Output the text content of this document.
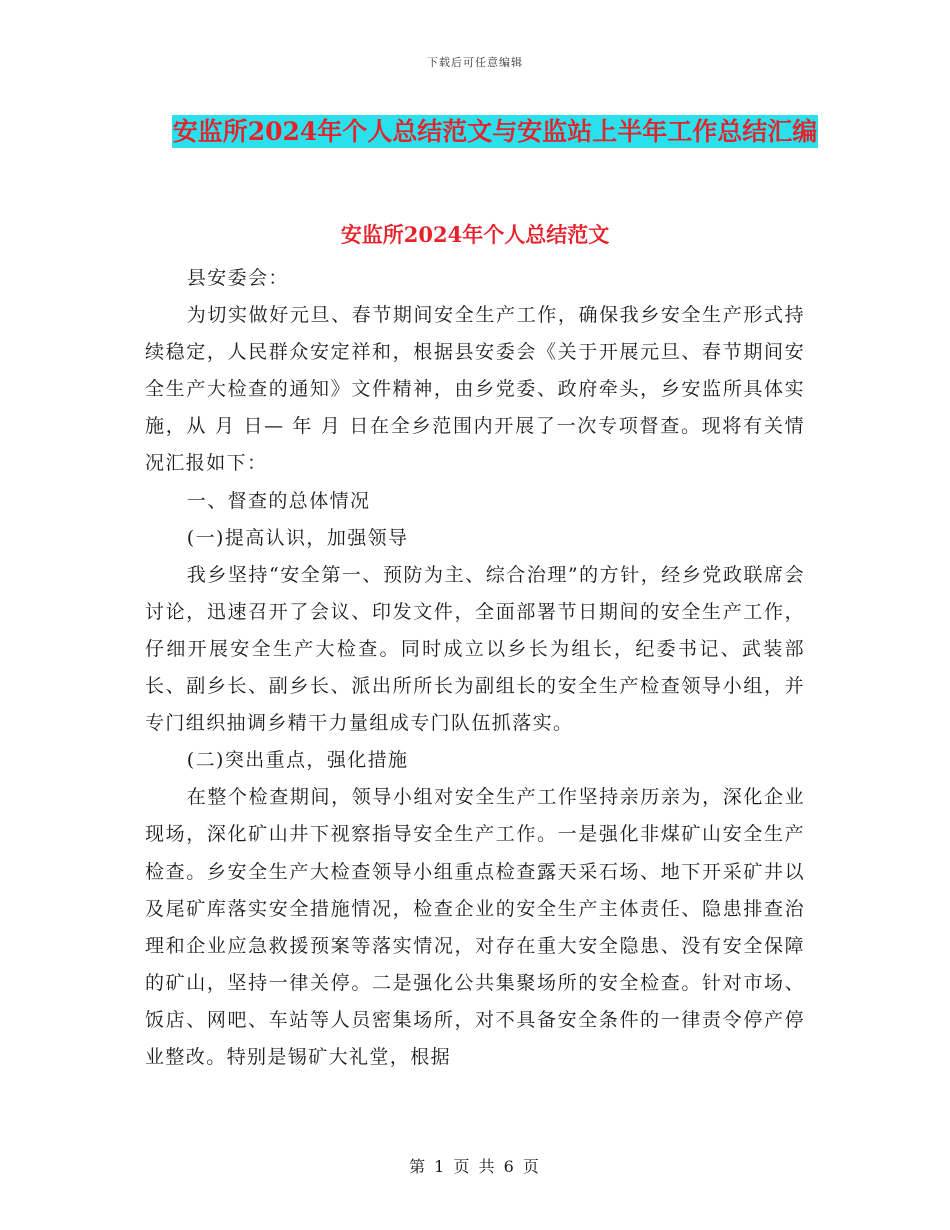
下载后可任意编辑
安监所2024年个人总结范文与安监站上半年工作总结汇编
安监所2024年个人总结范文

县安委会：

为切实做好元旦、春节期间安全生产工作，确保我乡安全生产形式持续稳定，人民群众安定祥和，根据县安委会《关于开展元旦、春节期间安全生产大检查的通知》文件精神，由乡党委、政府牵头，乡安监所具体实施，从 月 日— 年 月 日在全乡范围内开展了一次专项督查。现将有关情况汇报如下：

一、督查的总体情况

(一)提高认识，加强领导

我乡坚持“安全第一、预防为主、综合治理”的方针，经乡党政联席会讨论，迅速召开了会议、印发文件，全面部署节日期间的安全生产工作，仔细开展安全生产大检查。同时成立以乡长为组长，纪委书记、武装部长、副乡长、副乡长、派出所所长为副组长的安全生产检查领导小组，并专门组织抽调乡精干力量组成专门队伍抓落实。

(二)突出重点，强化措施

在整个检查期间，领导小组对安全生产工作坚持亲历亲为，深化企业现场，深化矿山井下视察指导安全生产工作。一是强化非煤矿山安全生产检查。乡安全生产大检查领导小组重点检查露天采石场、地下开采矿井以及尾矿库落实安全措施情况，检查企业的安全生产主体责任、隐患排查治理和企业应急救援预案等落实情况，对存在重大安全隐患、没有安全保障的矿山，坚持一律关停。二是强化公共集聚场所的安全检查。针对市场、饭店、网吧、车站等人员密集场所，对不具备安全条件的一律责令停产停业整改。特别是锡矿大礼堂，根据

第 1 页 共 6 页
